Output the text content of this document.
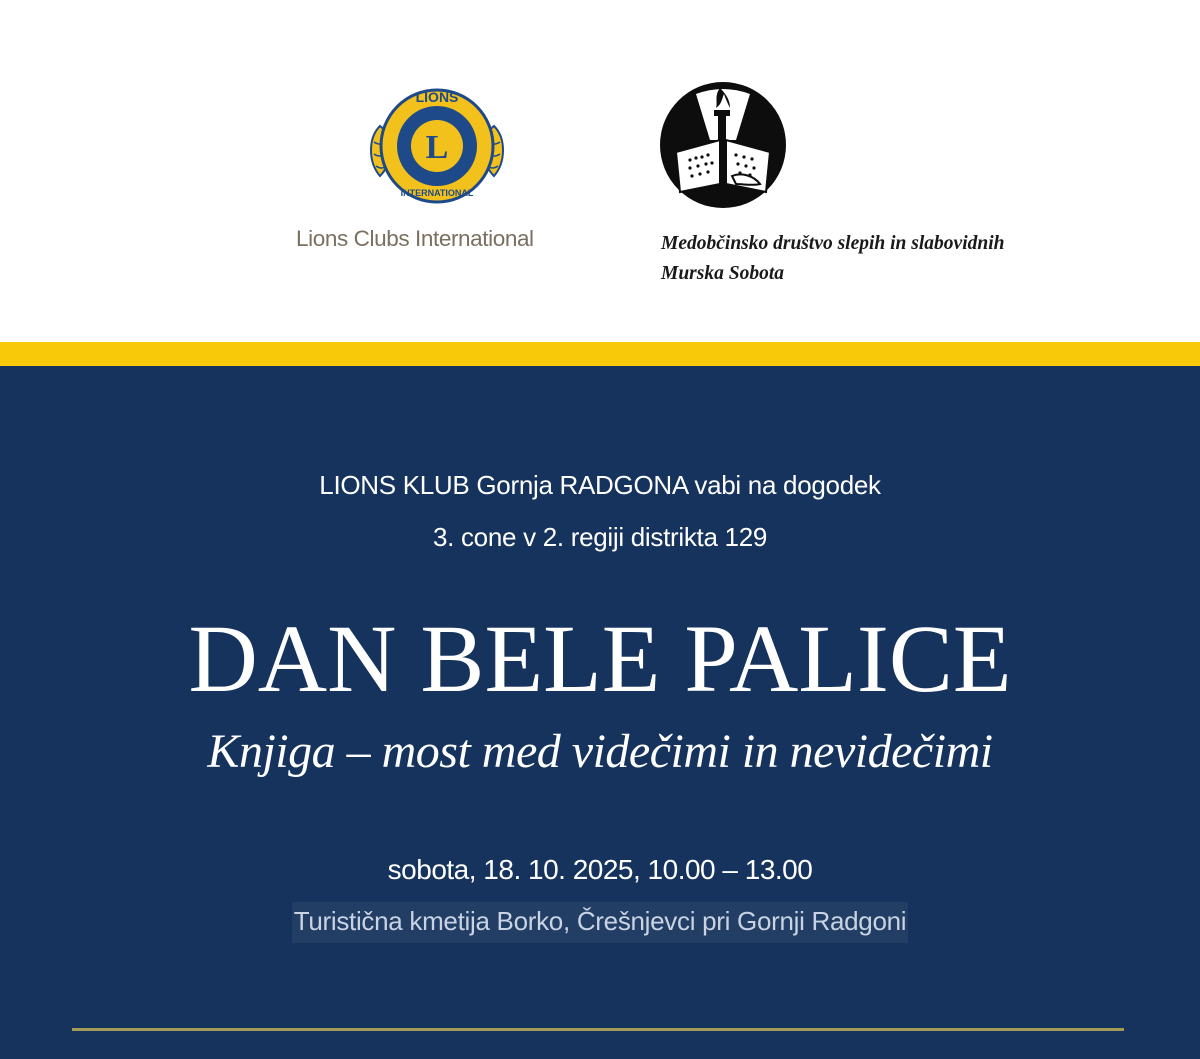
L
LIONS
INTERNATIONAL
Lions Clubs International	Medobčinsko društvo slepih in slabovidnih
Murska Sobota
LIONS KLUB Gornja RADGONA vabi na dogodek
3. cone v 2. regiji distrikta 129
DAN BELE PALICE
Knjiga – most med videčimi in nevidečimi
sobota, 18. 10. 2025, 10.00 – 13.00
Turistična kmetija Borko, Črešnjevci pri Gornji Radgoni
